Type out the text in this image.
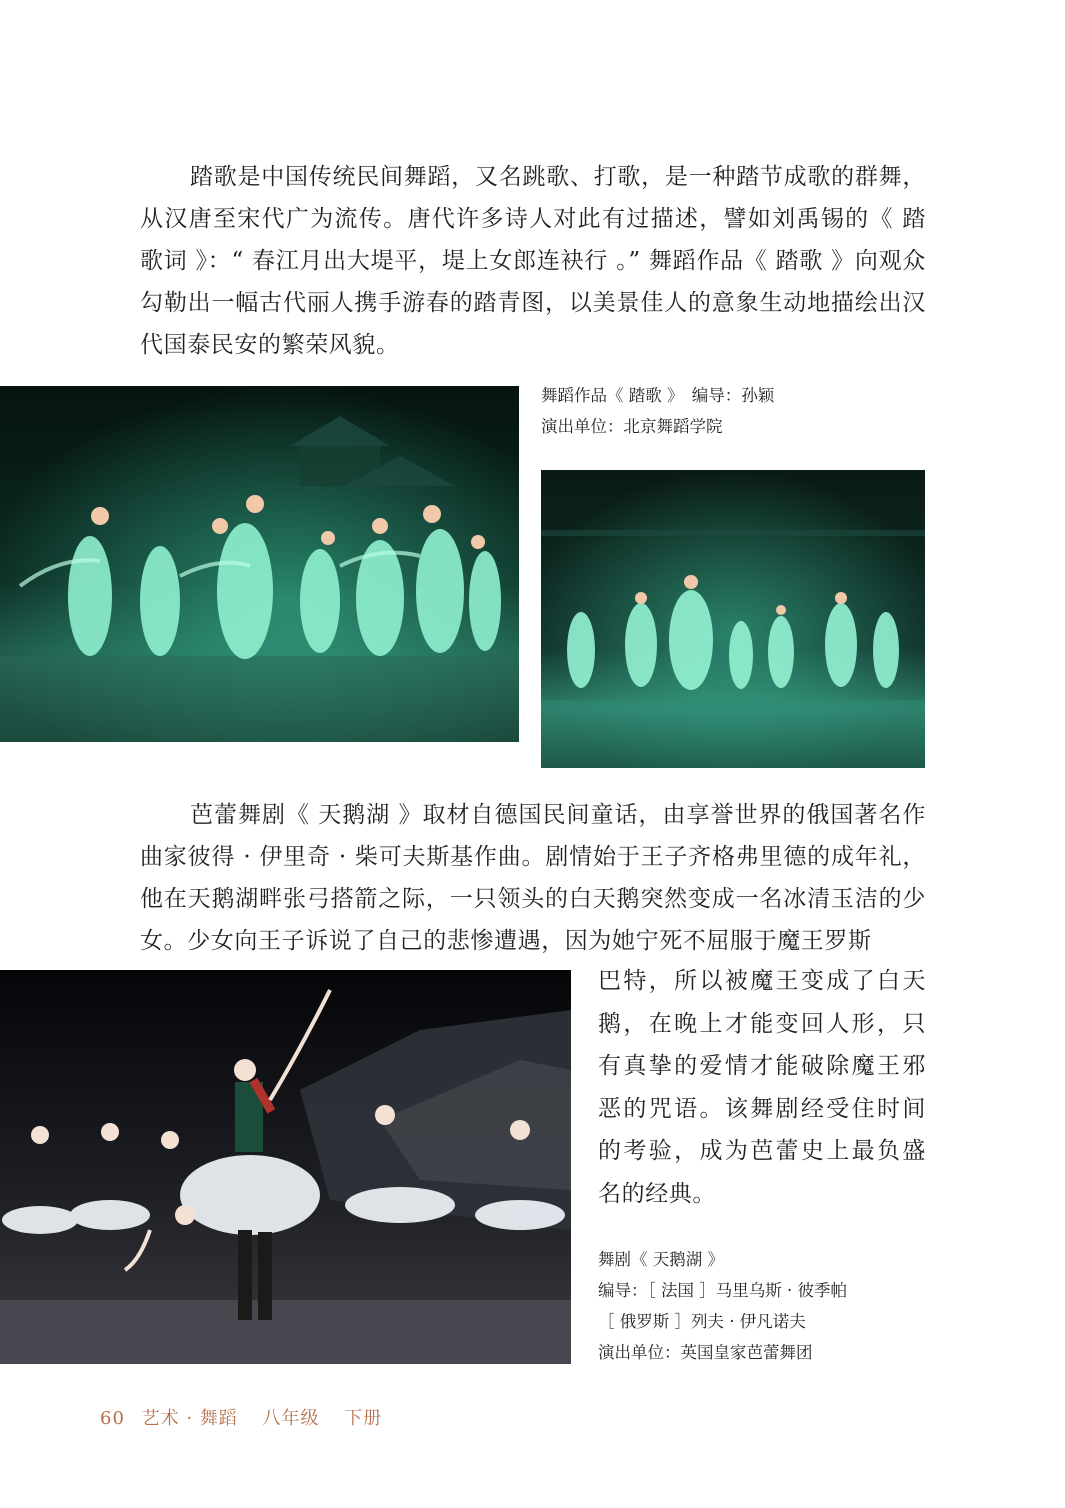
踏歌是中国传统民间舞蹈，又名跳歌、打歌，是一种踏节成歌的群舞，从汉唐至宋代广为流传。唐代许多诗人对此有过描述，譬如刘禹锡的《 踏歌词 》：“ 春江月出大堤平，堤上女郎连袂行 。” 舞蹈作品《 踏歌 》向观众勾勒出一幅古代丽人携手游春的踏青图，以美景佳人的意象生动地描绘出汉代国泰民安的繁荣风貌。

舞蹈作品《 踏歌 》　编导：孙颖
演出单位：北京舞蹈学院

芭蕾舞剧《 天鹅湖 》取材自德国民间童话，由享誉世界的俄国著名作曲家彼得 · 伊里奇 · 柴可夫斯基作曲。剧情始于王子齐格弗里德的成年礼，他在天鹅湖畔张弓搭箭之际，一只领头的白天鹅突然变成一名冰清玉洁的少女。少女向王子诉说了自己的悲惨遭遇，因为她宁死不屈服于魔王罗斯

巴特，所以被魔王变成了白天鹅，在晚上才能变回人形，只有真挚的爱情才能破除魔王邪恶的咒语。该舞剧经受住时间的考验，成为芭蕾史上最负盛名的经典。

舞剧《 天鹅湖 》
编导：［ 法国 ］马里乌斯 · 彼季帕
［ 俄罗斯 ］列夫 · 伊凡诺夫
演出单位：英国皇家芭蕾舞团
60 艺术 · 舞蹈 八年级 下册
